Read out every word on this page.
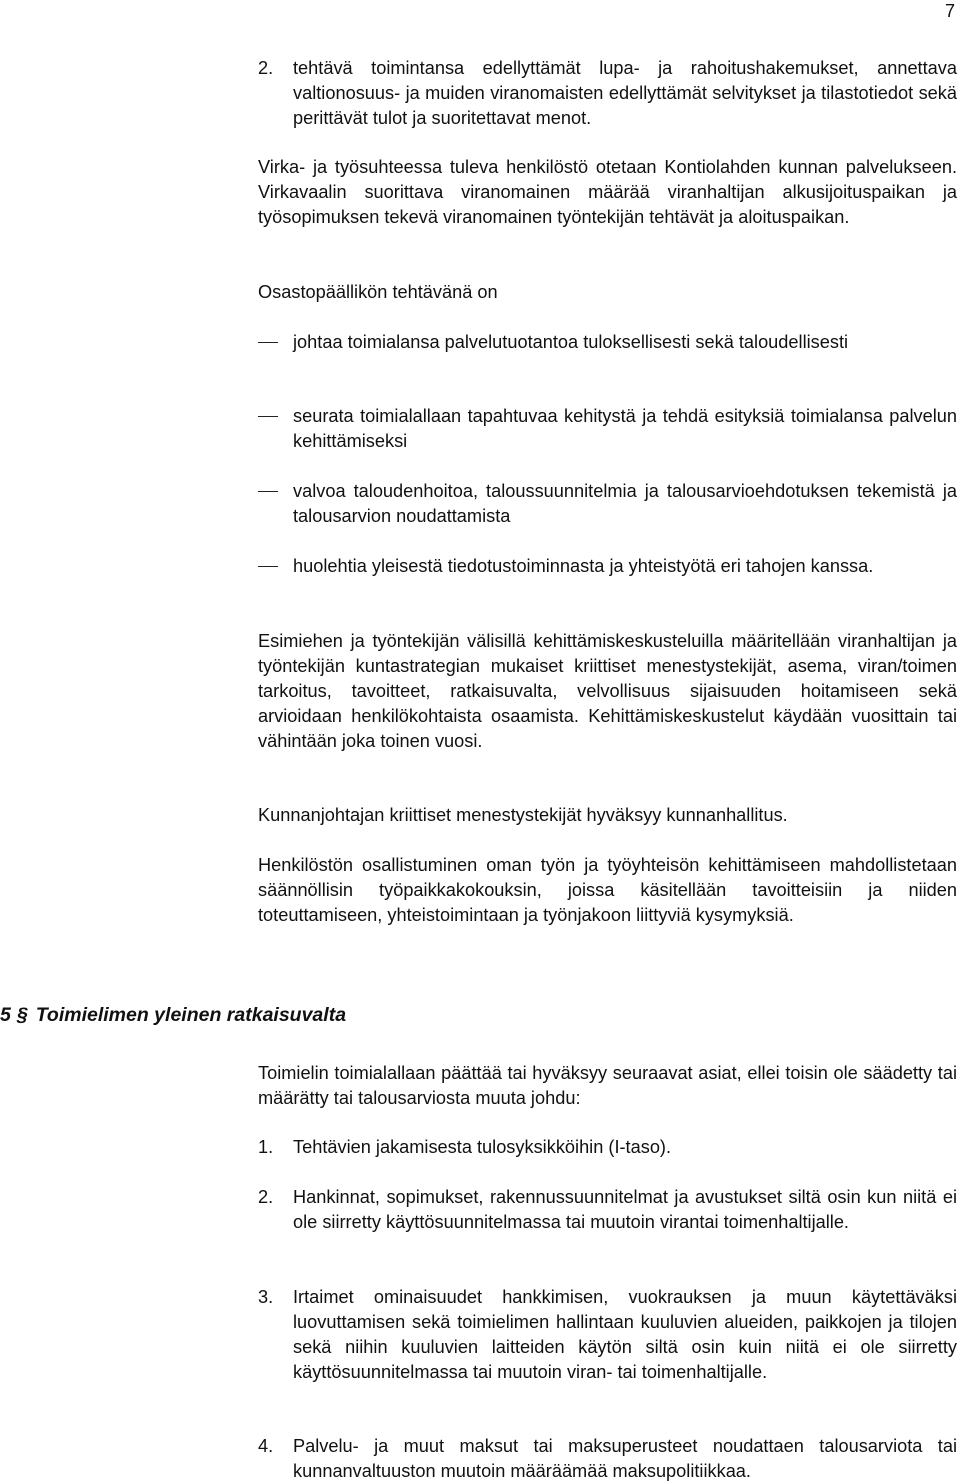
7
2. tehtävä toimintansa edellyttämät lupa- ja rahoitushakemukset, annettava valtionosuus- ja muiden viranomaisten edellyttämät selvitykset ja tilastotiedot sekä perittävät tulot ja suoritettavat menot.

Virka- ja työsuhteessa tuleva henkilöstö otetaan Kontiolahden kunnan palvelukseen. Virkavaalin suorittava viranomainen määrää viranhaltijan alkusijoituspaikan ja työsopimuksen tekevä viranomainen työntekijän tehtävät ja aloituspaikan.

Osastopäällikön tehtävänä on

johtaa toimialansa palvelutuotantoa tuloksellisesti sekä taloudellisesti
seurata toimialallaan tapahtuvaa kehitystä ja tehdä esityksiä toimialansa palvelun kehittämiseksi
valvoa taloudenhoitoa, taloussuunnitelmia ja talousarvioehdotuksen tekemistä ja talousarvion noudattamista
huolehtia yleisestä tiedotustoiminnasta ja yhteistyötä eri tahojen kanssa.

Esimiehen ja työntekijän välisillä kehittämiskeskusteluilla määritellään viranhaltijan ja työntekijän kuntastrategian mukaiset kriittiset menestystekijät, asema, viran/toimen tarkoitus, tavoitteet, ratkaisuvalta, velvollisuus sijaisuuden hoitamiseen sekä arvioidaan henkilökohtaista osaamista. Kehittämiskeskustelut käydään vuosittain tai vähintään joka toinen vuosi.

Kunnanjohtajan kriittiset menestystekijät hyväksyy kunnanhallitus.

Henkilöstön osallistuminen oman työn ja työyhteisön kehittämiseen mahdollistetaan säännöllisin työpaikkakokouksin, joissa käsitellään tavoitteisiin ja niiden toteuttamiseen, yhteistoimintaan ja työnjakoon liittyviä kysymyksiä.

5 § Toimielimen yleinen ratkaisuvalta

Toimielin toimialallaan päättää tai hyväksyy seuraavat asiat, ellei toisin ole säädetty tai määrätty tai talousarviosta muuta johdu:

1. Tehtävien jakamisesta tulosyksikköihin (I-taso).
2. Hankinnat, sopimukset, rakennussuunnitelmat ja avustukset siltä osin kun niitä ei ole siirretty käyttösuunnitelmassa tai muutoin virantai toimenhaltijalle.
3. Irtaimet ominaisuudet hankkimisen, vuokrauksen ja muun käytettäväksi luovuttamisen sekä toimielimen hallintaan kuuluvien alueiden, paikkojen ja tilojen sekä niihin kuuluvien laitteiden käytön siltä osin kuin niitä ei ole siirretty käyttösuunnitelmassa tai muutoin viran- tai toimenhaltijalle.
4. Palvelu- ja muut maksut tai maksuperusteet noudattaen talousarviota tai kunnanvaltuuston muutoin määräämää maksupolitiikkaa.
